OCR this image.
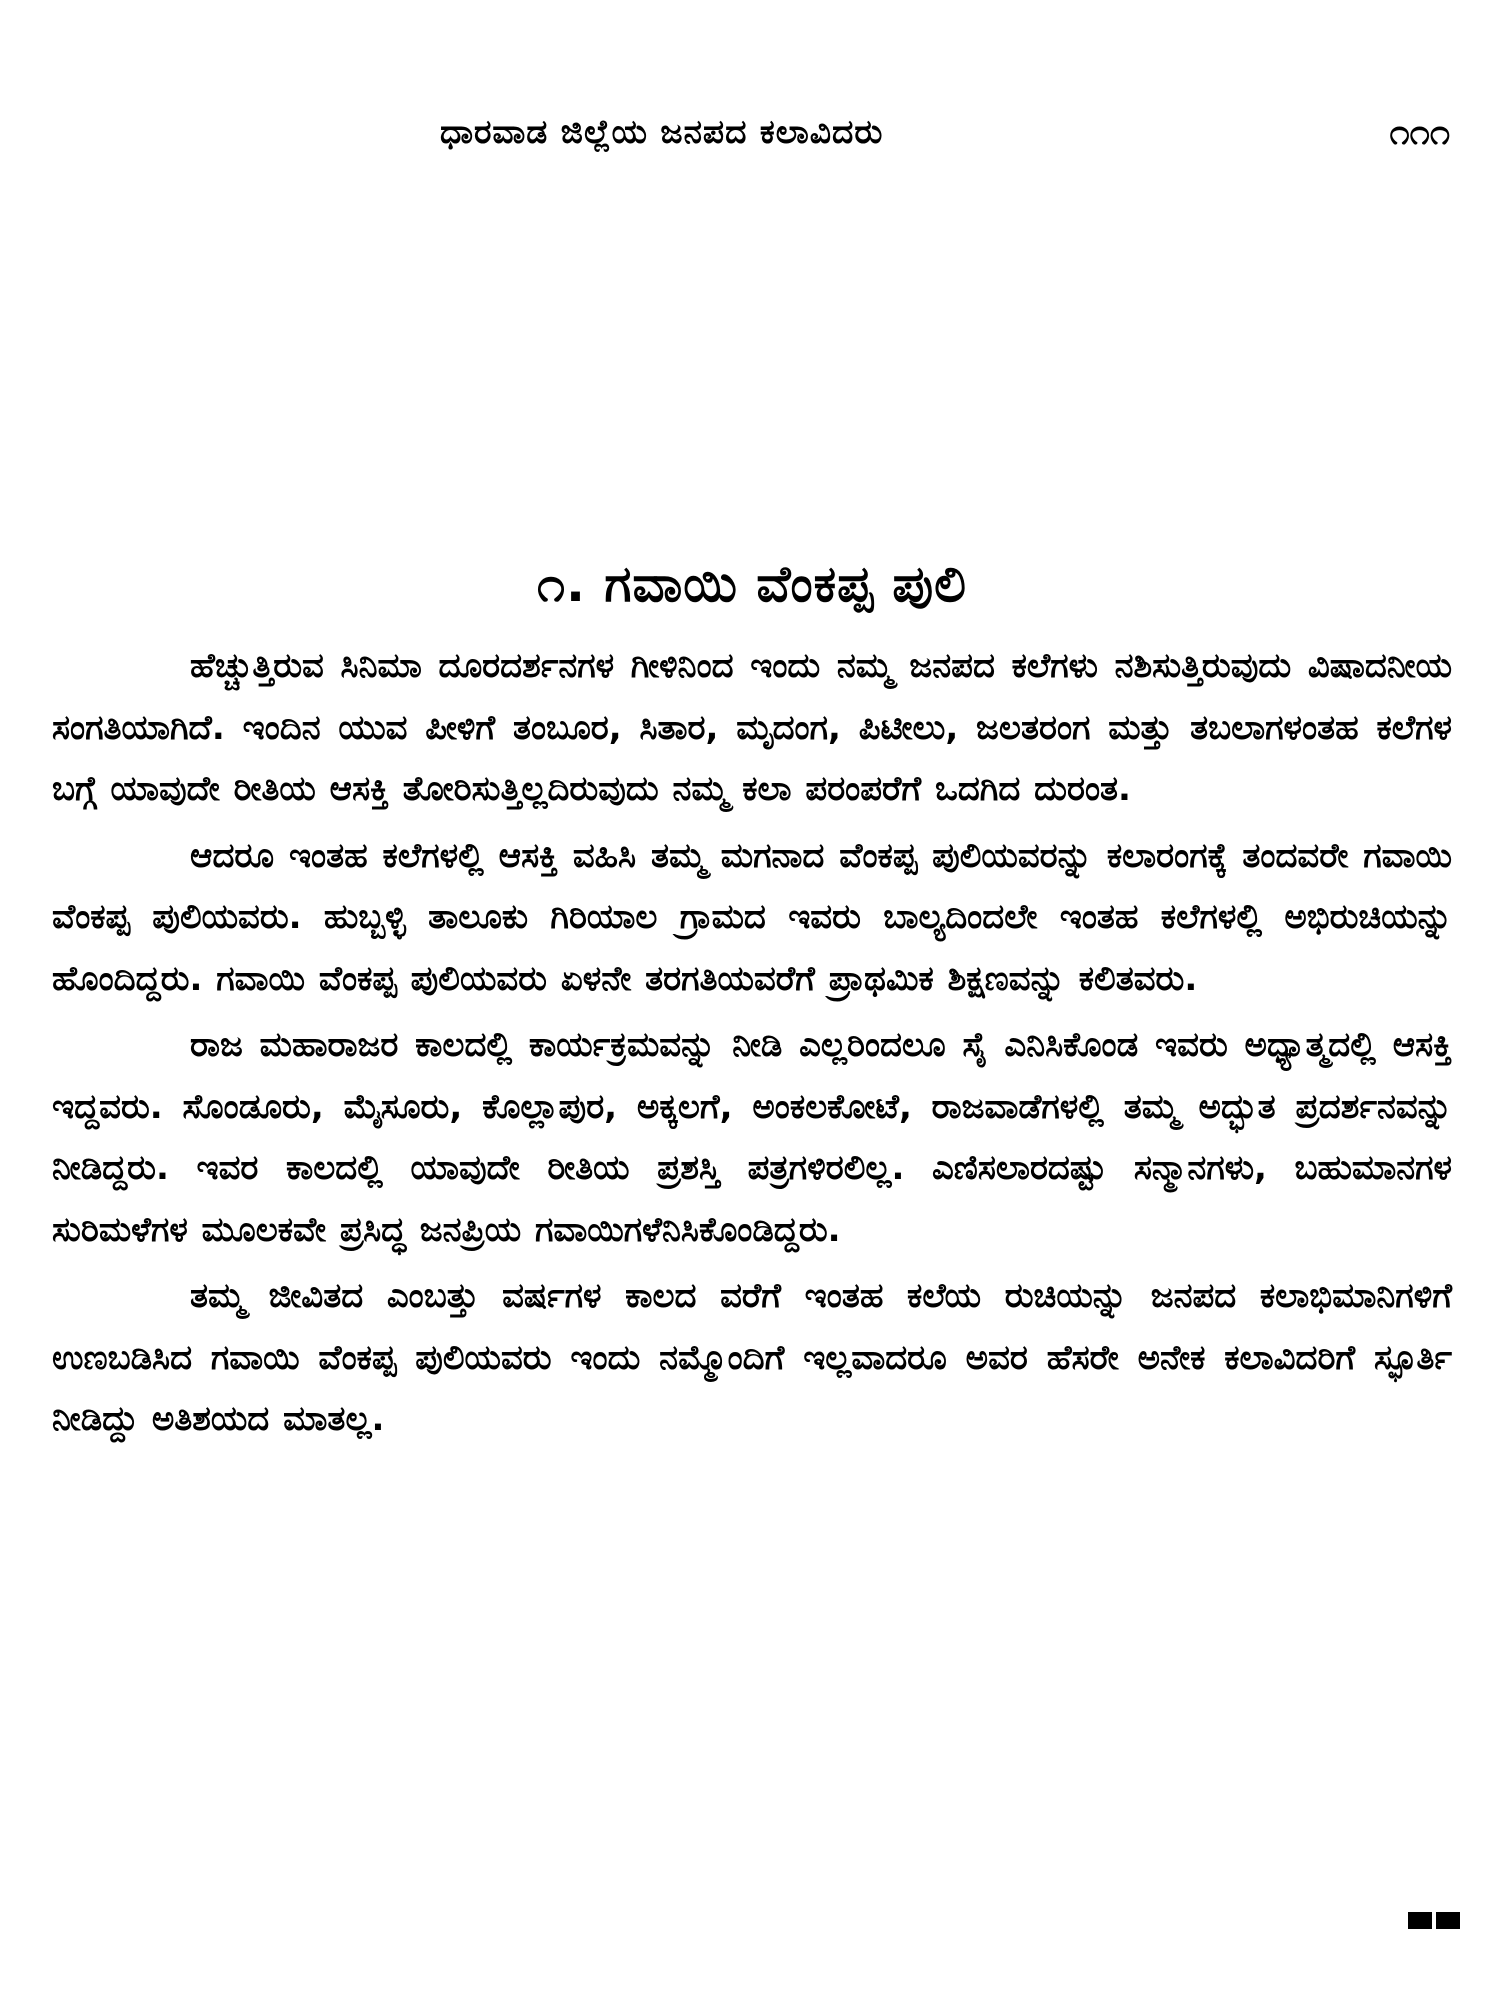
ಧಾರವಾಡ ಜಿಲ್ಲೆಯ ಜನಪದ ಕಲಾವಿದರು	೧೧೧
೧. ಗವಾಯಿ ವೆಂಕಪ್ಪ ಪುಲಿ

ಹೆಚ್ಚುತ್ತಿರುವ ಸಿನಿಮಾ ದೂರದರ್ಶನಗಳ ಗೀಳಿನಿಂದ ಇಂದು ನಮ್ಮ ಜನಪದ ಕಲೆಗಳು ನಶಿಸುತ್ತಿರುವುದು ವಿಷಾದನೀಯ ಸಂಗತಿಯಾಗಿದೆ. ಇಂದಿನ ಯುವ ಪೀಳಿಗೆ ತಂಬೂರ, ಸಿತಾರ, ಮೃದಂಗ, ಪಿಟೀಲು, ಜಲತರಂಗ ಮತ್ತು ತಬಲಾಗಳಂತಹ ಕಲೆಗಳ ಬಗ್ಗೆ ಯಾವುದೇ ರೀತಿಯ ಆಸಕ್ತಿ ತೋರಿಸುತ್ತಿಲ್ಲದಿರುವುದು ನಮ್ಮ ಕಲಾ ಪರಂಪರೆಗೆ ಒದಗಿದ ದುರಂತ.

ಆದರೂ ಇಂತಹ ಕಲೆಗಳಲ್ಲಿ ಆಸಕ್ತಿ ವಹಿಸಿ ತಮ್ಮ ಮಗನಾದ ವೆಂಕಪ್ಪ ಪುಲಿಯವರನ್ನು ಕಲಾರಂಗಕ್ಕೆ ತಂದವರೇ ಗವಾಯಿ ವೆಂಕಪ್ಪ ಪುಲಿಯವರು. ಹುಬ್ಬಳ್ಳಿ ತಾಲೂಕು ಗಿರಿಯಾಲ ಗ್ರಾಮದ ಇವರು ಬಾಲ್ಯದಿಂದಲೇ ಇಂತಹ ಕಲೆಗಳಲ್ಲಿ ಅಭಿರುಚಿಯನ್ನು ಹೊಂದಿದ್ದರು. ಗವಾಯಿ ವೆಂಕಪ್ಪ ಪುಲಿಯವರು ಏಳನೇ ತರಗತಿಯವರೆಗೆ ಪ್ರಾಥಮಿಕ ಶಿಕ್ಷಣವನ್ನು ಕಲಿತವರು.

ರಾಜ ಮಹಾರಾಜರ ಕಾಲದಲ್ಲಿ ಕಾರ್ಯಕ್ರಮವನ್ನು ನೀಡಿ ಎಲ್ಲರಿಂದಲೂ ಸೈ ಎನಿಸಿಕೊಂಡ ಇವರು ಅಧ್ಯಾತ್ಮದಲ್ಲಿ ಆಸಕ್ತಿ ಇದ್ದವರು. ಸೊಂಡೂರು, ಮೈಸೂರು, ಕೊಲ್ಲಾಪುರ, ಅಕ್ಕಲಗೆ, ಅಂಕಲಕೋಟೆ, ರಾಜವಾಡೆಗಳಲ್ಲಿ ತಮ್ಮ ಅದ್ಭುತ ಪ್ರದರ್ಶನವನ್ನು ನೀಡಿದ್ದರು. ಇವರ ಕಾಲದಲ್ಲಿ ಯಾವುದೇ ರೀತಿಯ ಪ್ರಶಸ್ತಿ ಪತ್ರಗಳಿರಲಿಲ್ಲ. ಎಣಿಸಲಾರದಷ್ಟು ಸನ್ಮಾನಗಳು, ಬಹುಮಾನಗಳ ಸುರಿಮಳೆಗಳ ಮೂಲಕವೇ ಪ್ರಸಿದ್ಧ ಜನಪ್ರಿಯ ಗವಾಯಿಗಳೆನಿಸಿಕೊಂಡಿದ್ದರು.

ತಮ್ಮ ಜೀವಿತದ ಎಂಬತ್ತು ವರ್ಷಗಳ ಕಾಲದ ವರೆಗೆ ಇಂತಹ ಕಲೆಯ ರುಚಿಯನ್ನು ಜನಪದ ಕಲಾಭಿಮಾನಿಗಳಿಗೆ ಉಣಬಡಿಸಿದ ಗವಾಯಿ ವೆಂಕಪ್ಪ ಪುಲಿಯವರು ಇಂದು ನಮ್ಮೊಂದಿಗೆ ಇಲ್ಲವಾದರೂ ಅವರ ಹೆಸರೇ ಅನೇಕ ಕಲಾವಿದರಿಗೆ ಸ್ಫೂರ್ತಿ ನೀಡಿದ್ದು ಅತಿಶಯದ ಮಾತಲ್ಲ.
